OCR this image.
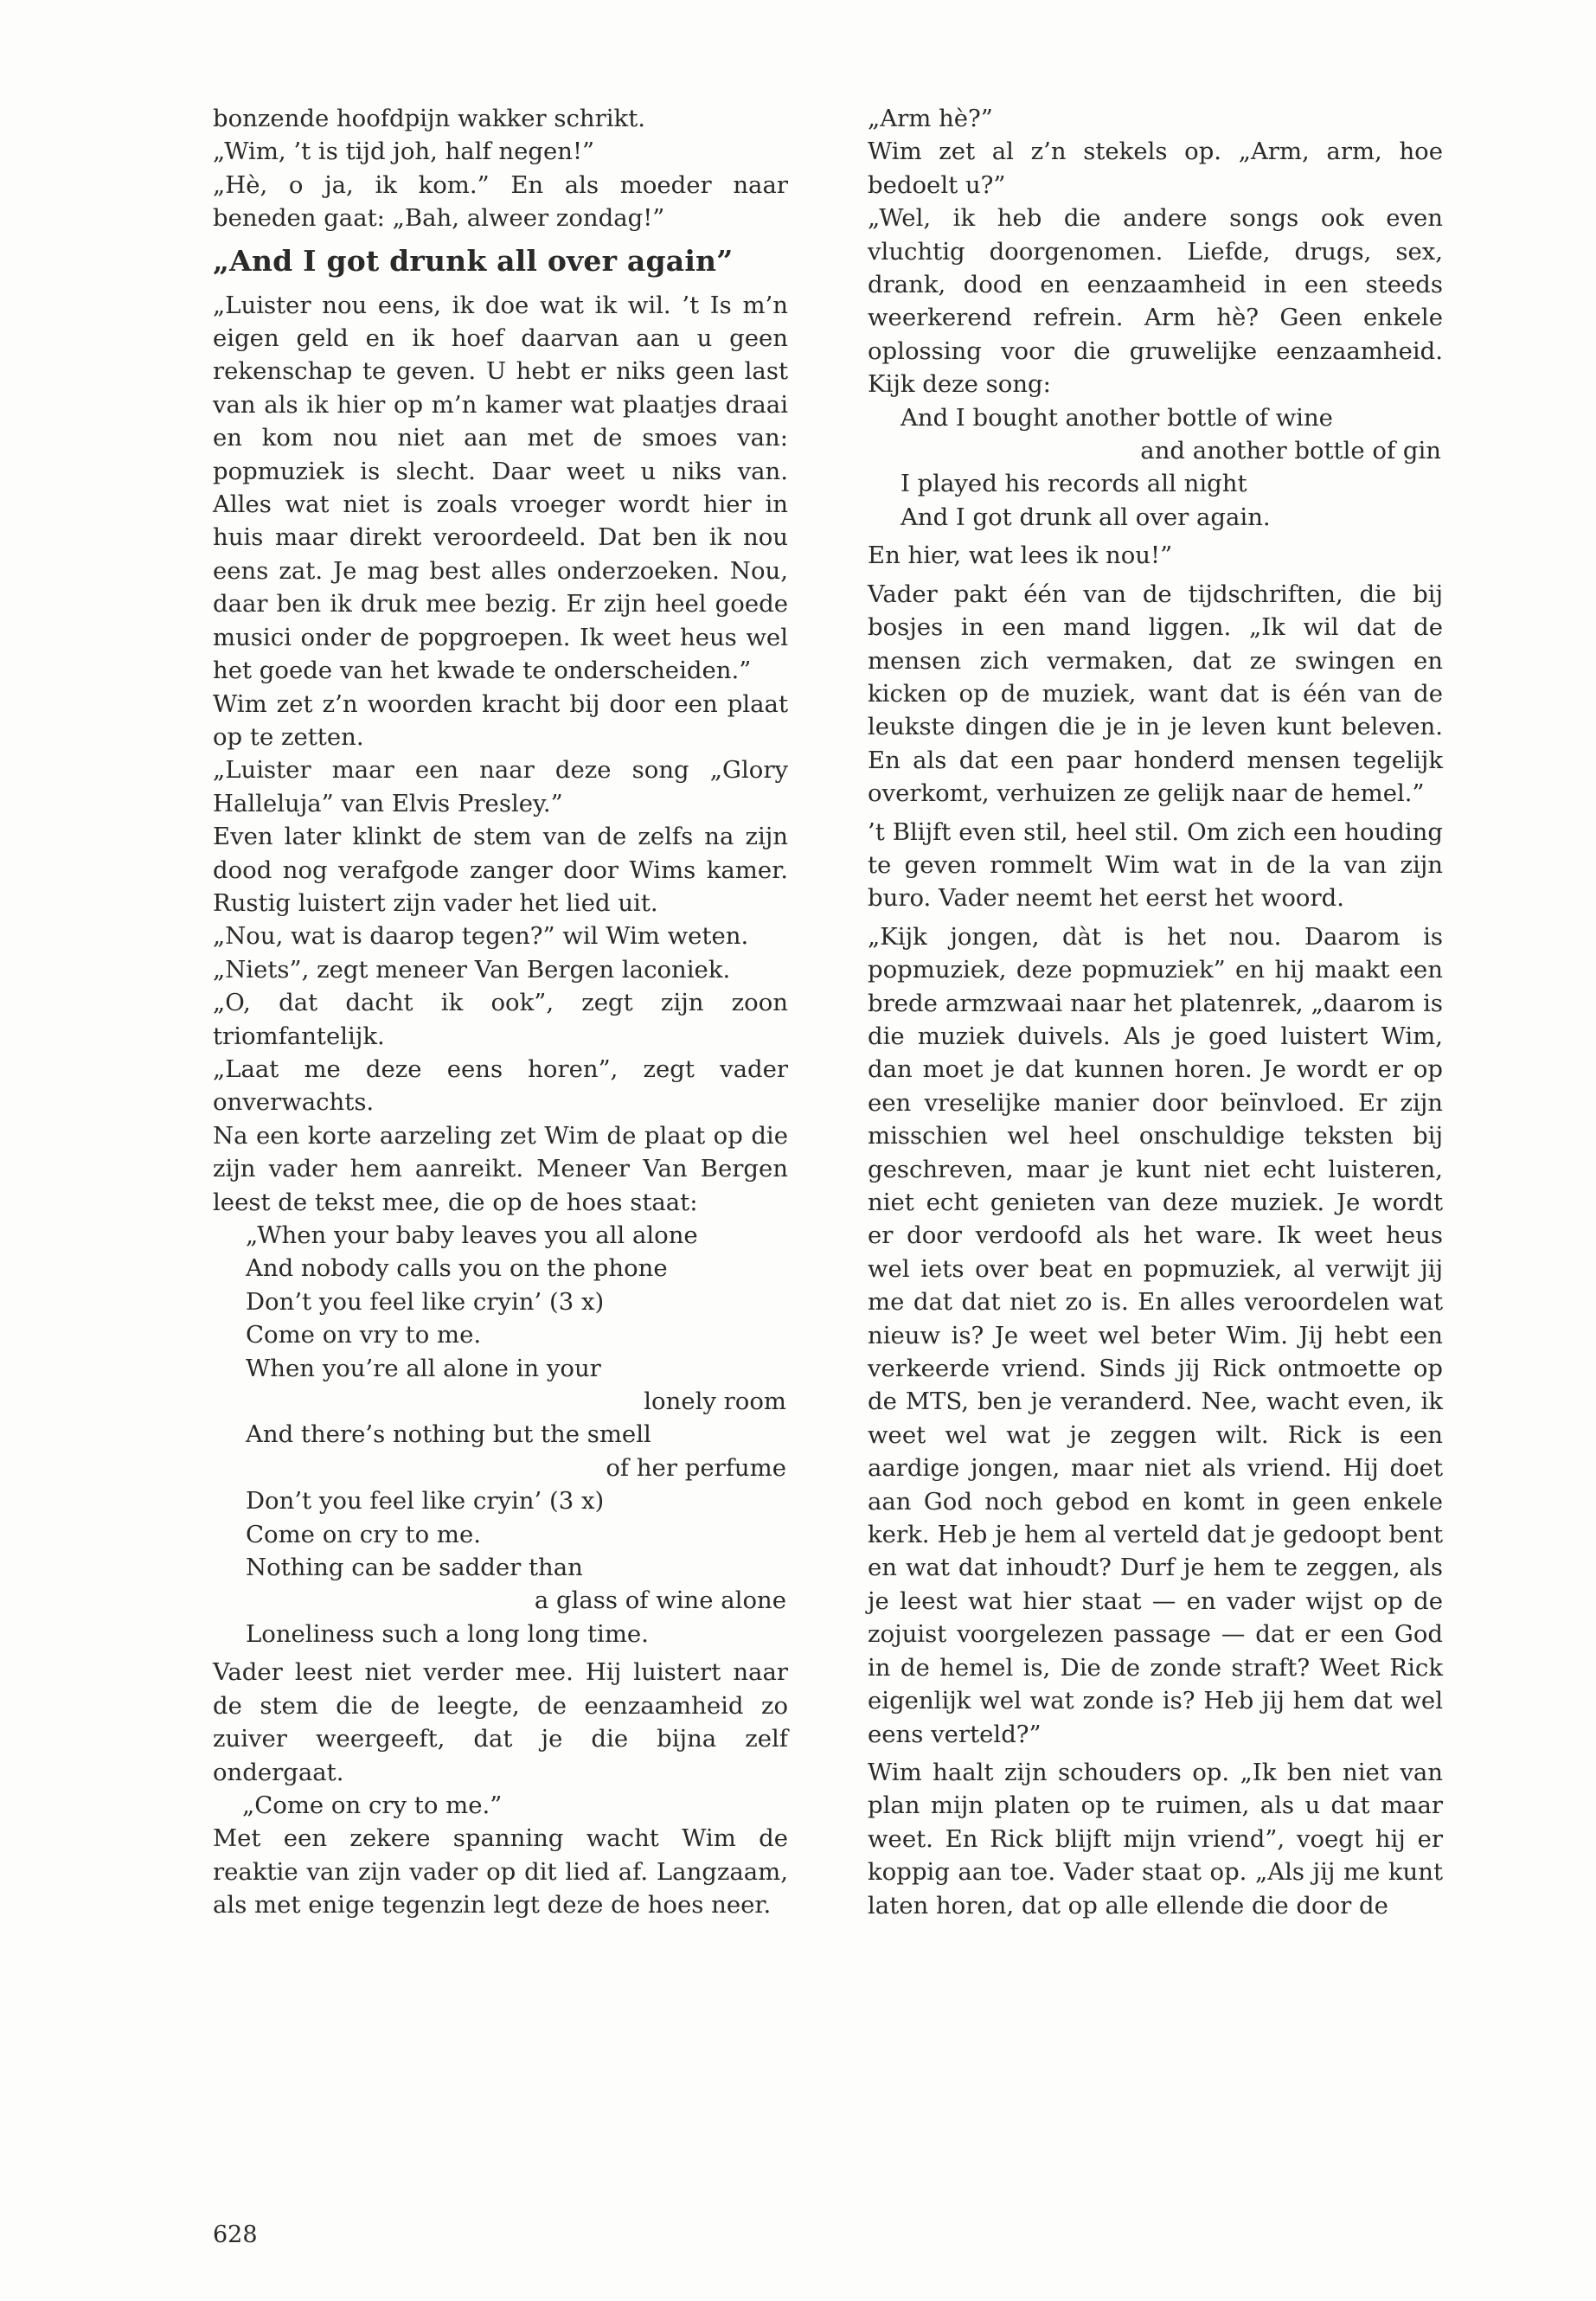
bonzende hoofdpijn wakker schrikt.

„Wim, ’t is tijd joh, half negen!”

„Hè, o ja, ik kom.” En als moeder naar beneden gaat: „Bah, alweer zondag!”

„And I got drunk all over again”

„Luister nou eens, ik doe wat ik wil. ’t Is m’n eigen geld en ik hoef daarvan aan u geen rekenschap te geven. U hebt er niks geen last van als ik hier op m’n kamer wat plaatjes draai en kom nou niet aan met de smoes van: popmuziek is slecht. Daar weet u niks van. Alles wat niet is zoals vroeger wordt hier in huis maar direkt veroordeeld. Dat ben ik nou eens zat. Je mag best alles onderzoeken. Nou, daar ben ik druk mee bezig. Er zijn heel goede musici onder de popgroepen. Ik weet heus wel het goede van het kwade te onderscheiden.”

Wim zet z’n woorden kracht bij door een plaat op te zetten.

„Luister maar een naar deze song „Glory Halleluja” van Elvis Presley.”

Even later klinkt de stem van de zelfs na zijn dood nog verafgode zanger door Wims kamer. Rustig luistert zijn vader het lied uit.

„Nou, wat is daarop tegen?” wil Wim weten.

„Niets”, zegt meneer Van Bergen laconiek.

„O, dat dacht ik ook”, zegt zijn zoon triomfantelijk.

„Laat me deze eens horen”, zegt vader onverwachts.

Na een korte aarzeling zet Wim de plaat op die zijn vader hem aanreikt. Meneer Van Bergen leest de tekst mee, die op de hoes staat:

„When your baby leaves you all alone
And nobody calls you on the phone
Don’t you feel like cryin’ (3 x)
Come on vry to me.
When you’re all alone in your
lonely room
And there’s nothing but the smell
of her perfume
Don’t you feel like cryin’ (3 x)
Come on cry to me.
Nothing can be sadder than
a glass of wine alone
Loneliness such a long long time.

Vader leest niet verder mee. Hij luistert naar de stem die de leegte, de eenzaamheid zo zuiver weergeeft, dat je die bijna zelf ondergaat.

„Come on cry to me.”

Met een zekere spanning wacht Wim de reaktie van zijn vader op dit lied af. Langzaam, als met enige tegenzin legt deze de hoes neer.

„Arm hè?”

Wim zet al z’n stekels op. „Arm, arm, hoe bedoelt u?”

„Wel, ik heb die andere songs ook even vluchtig doorgenomen. Liefde, drugs, sex, drank, dood en eenzaamheid in een steeds weerkerend refrein. Arm hè? Geen enkele oplossing voor die gruwelijke eenzaamheid. Kijk deze song:

And I bought another bottle of wine
and another bottle of gin
I played his records all night
And I got drunk all over again.

En hier, wat lees ik nou!”

Vader pakt één van de tijdschriften, die bij bosjes in een mand liggen. „Ik wil dat de mensen zich vermaken, dat ze swingen en kicken op de muziek, want dat is één van de leukste dingen die je in je leven kunt beleven. En als dat een paar honderd mensen tegelijk overkomt, verhuizen ze gelijk naar de hemel.”

’t Blijft even stil, heel stil. Om zich een houding te geven rommelt Wim wat in de la van zijn buro. Vader neemt het eerst het woord.

„Kijk jongen, dàt is het nou. Daarom is popmuziek, deze popmuziek” en hij maakt een brede armzwaai naar het platenrek, „daarom is die muziek duivels. Als je goed luistert Wim, dan moet je dat kunnen horen. Je wordt er op een vreselijke manier door beïnvloed. Er zijn misschien wel heel onschuldige teksten bij geschreven, maar je kunt niet echt luisteren, niet echt genieten van deze muziek. Je wordt er door verdoofd als het ware. Ik weet heus wel iets over beat en popmuziek, al verwijt jij me dat dat niet zo is. En alles veroordelen wat nieuw is? Je weet wel beter Wim. Jij hebt een verkeerde vriend. Sinds jij Rick ontmoette op de MTS, ben je veranderd. Nee, wacht even, ik weet wel wat je zeggen wilt. Rick is een aardige jongen, maar niet als vriend. Hij doet aan God noch gebod en komt in geen enkele kerk. Heb je hem al verteld dat je gedoopt bent en wat dat inhoudt? Durf je hem te zeggen, als je leest wat hier staat — en vader wijst op de zojuist voorgelezen passage — dat er een God in de hemel is, Die de zonde straft? Weet Rick eigenlijk wel wat zonde is? Heb jij hem dat wel eens verteld?”

Wim haalt zijn schouders op. „Ik ben niet van plan mijn platen op te ruimen, als u dat maar weet. En Rick blijft mijn vriend”, voegt hij er koppig aan toe. Vader staat op. „Als jij me kunt laten horen, dat op alle ellende die door de

628
